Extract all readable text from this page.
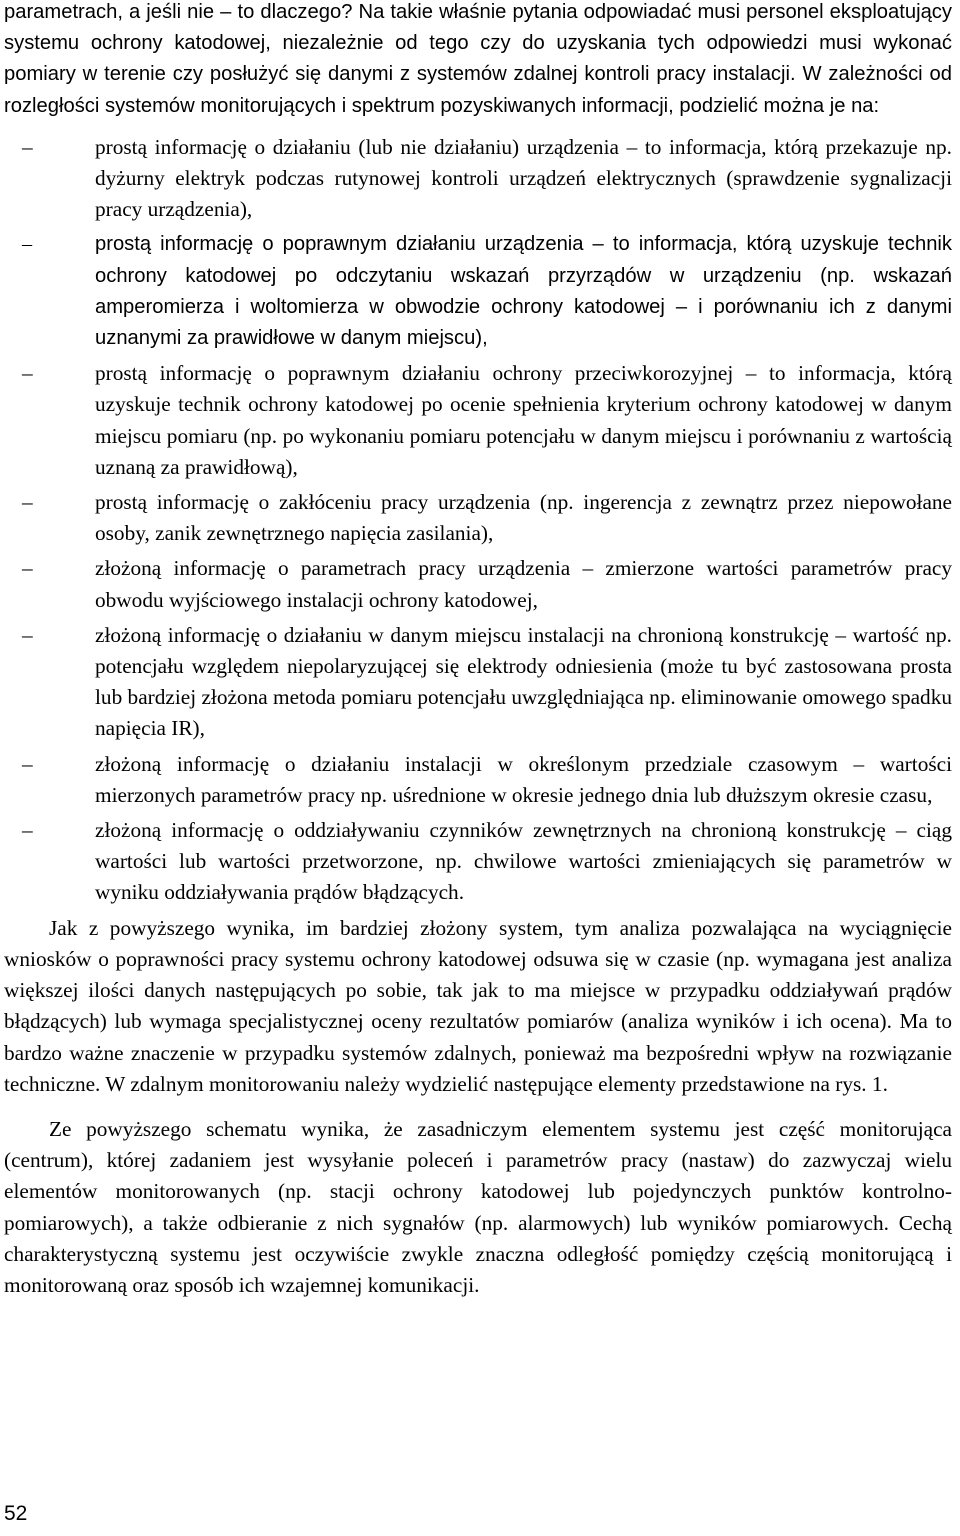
parametrach, a jeśli nie – to dlaczego? Na takie właśnie pytania odpowiadać musi personel eksploatujący systemu ochrony katodowej, niezależnie od tego czy do uzyskania tych odpowiedzi musi wykonać pomiary w terenie czy posłużyć się danymi z systemów zdalnej kontroli pracy instalacji. W zależności od rozległości systemów monitorujących i spektrum pozyskiwanych informacji, podzielić można je na:

–	prostą informację o działaniu (lub nie działaniu) urządzenia – to informacja, którą przekazuje np. dyżurny elektryk podczas rutynowej kontroli urządzeń elektrycznych (sprawdzenie sygnalizacji pracy urządzenia),
–	prostą informację o poprawnym działaniu urządzenia – to informacja, którą uzyskuje technik ochrony katodowej po odczytaniu wskazań przyrządów w urządzeniu (np. wskazań amperomierza i woltomierza w obwodzie ochrony katodowej – i porównaniu ich z danymi uznanymi za prawidłowe w danym miejscu),
–	prostą informację o poprawnym działaniu ochrony przeciwkorozyjnej – to informacja, którą uzyskuje technik ochrony katodowej po ocenie spełnienia kryterium ochrony katodowej w danym miejscu pomiaru (np. po wykonaniu pomiaru potencjału w danym miejscu i porównaniu z wartością uznaną za prawidłową),
–	prostą informację o zakłóceniu pracy urządzenia (np. ingerencja z zewnątrz przez niepowołane osoby, zanik zewnętrznego napięcia zasilania),
–	złożoną informację o parametrach pracy urządzenia – zmierzone wartości parametrów pracy obwodu wyjściowego instalacji ochrony katodowej,
–	złożoną informację o działaniu w danym miejscu instalacji na chronioną konstrukcję – wartość np. potencjału względem niepolaryzującej się elektrody odniesienia (może tu być zastosowana prosta lub bardziej złożona metoda pomiaru potencjału uwzględniająca np. eliminowanie omowego spadku napięcia IR),
–	złożoną informację o działaniu instalacji w określonym przedziale czasowym – wartości mierzonych parametrów pracy np. uśrednione w okresie jednego dnia lub dłuższym okresie czasu,
–	złożoną informację o oddziaływaniu czynników zewnętrznych na chronioną konstrukcję – ciąg wartości lub wartości przetworzone, np. chwilowe wartości zmieniających się parametrów w wyniku oddziaływania prądów błądzących.

Jak z powyższego wynika, im bardziej złożony system, tym analiza pozwalająca na wyciągnięcie wniosków o poprawności pracy systemu ochrony katodowej odsuwa się w czasie (np. wymagana jest analiza większej ilości danych następujących po sobie, tak jak to ma miejsce w przypadku oddziaływań prądów błądzących) lub wymaga specjalistycznej oceny rezultatów pomiarów (analiza wyników i ich ocena). Ma to bardzo ważne znaczenie w przypadku systemów zdalnych, ponieważ ma bezpośredni wpływ na rozwiązanie techniczne. W zdalnym monitorowaniu należy wydzielić następujące elementy przedstawione na rys. 1.

Ze powyższego schematu wynika, że zasadniczym elementem systemu jest część monitorująca (centrum), której zadaniem jest wysyłanie poleceń i parametrów pracy (nastaw) do zazwyczaj wielu elementów monitorowanych (np. stacji ochrony katodowej lub pojedynczych punktów kontrolno-pomiarowych), a także odbieranie z nich sygnałów (np. alarmowych) lub wyników pomiarowych. Cechą charakterystyczną systemu jest oczywiście zwykle znaczna odległość pomiędzy częścią monitorującą i monitorowaną oraz sposób ich wzajemnej komunikacji.

52
